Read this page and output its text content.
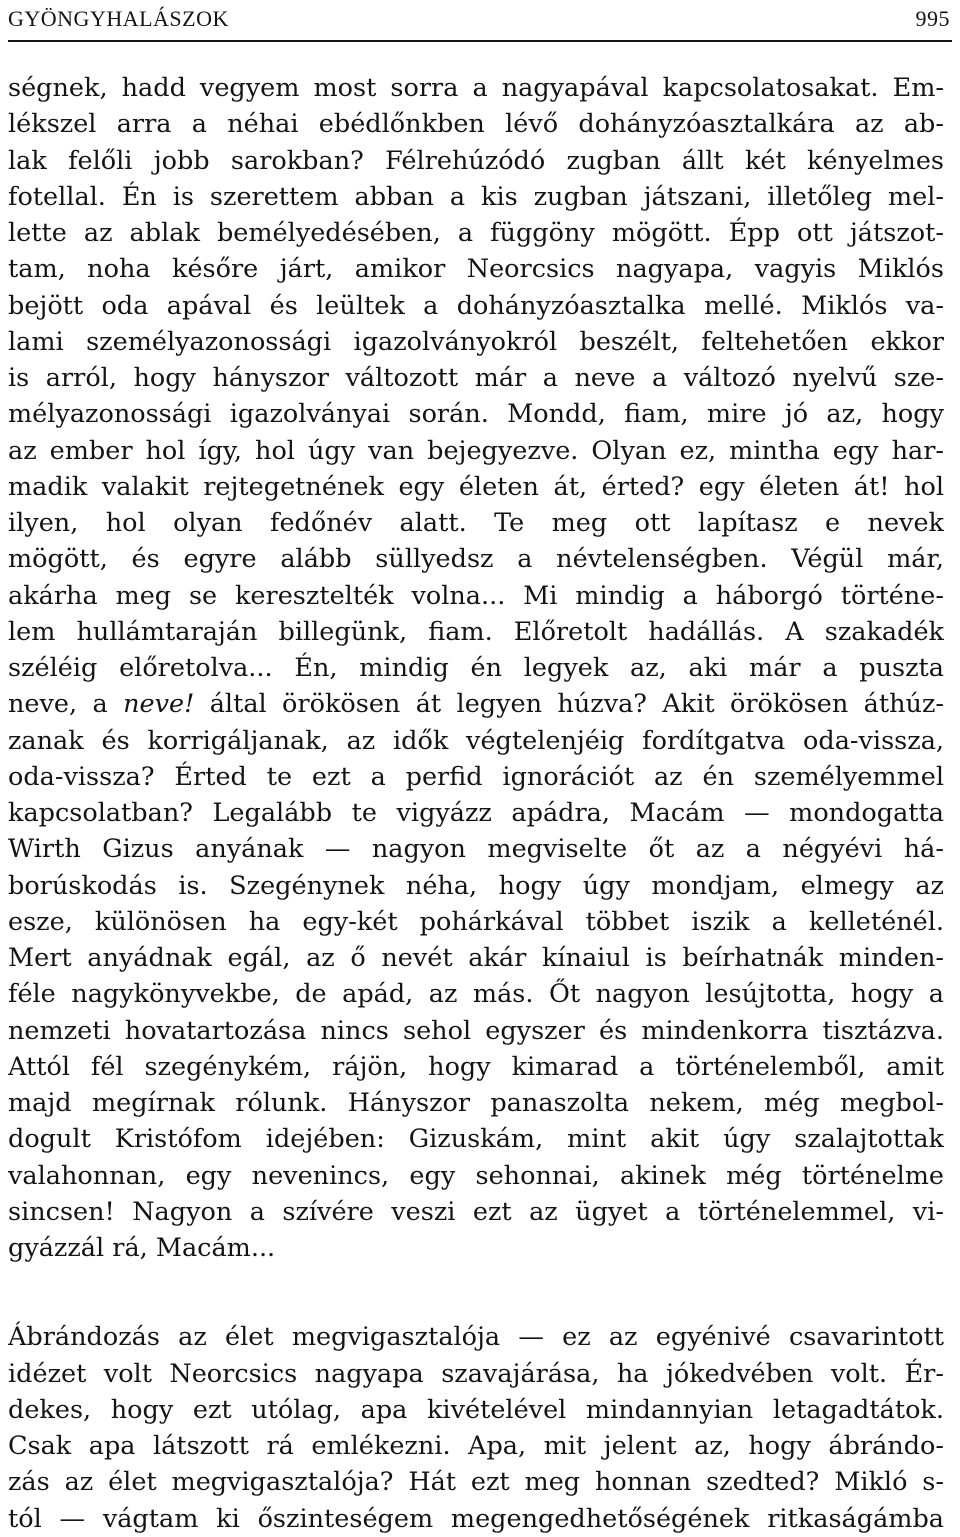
GYÖNGYHALÁSZOK	995
ségnek, hadd vegyem most sorra a nagyapával kapcsolatosakat. Em-
lékszel arra a néhai ebédlőnkben lévő dohányzóasztalkára az ab-
lak felőli jobb sarokban? Félrehúzódó zugban állt két kényelmes
fotellal. Én is szerettem abban a kis zugban játszani, illetőleg mel-
lette az ablak bemélyedésében, a függöny mögött. Épp ott játszot-
tam, noha későre járt, amikor Neorcsics nagyapa, vagyis Miklós
bejött oda apával és leültek a dohányzóasztalka mellé. Miklós va-
lami személyazonossági igazolványokról beszélt, feltehetően ekkor
is arról, hogy hányszor változott már a neve a változó nyelvű sze-
mélyazonossági igazolványai során. Mondd, fiam, mire jó az, hogy
az ember hol így, hol úgy van bejegyezve. Olyan ez, mintha egy har-
madik valakit rejtegetnének egy életen át, érted? egy életen át! hol
ilyen, hol olyan fedőnév alatt. Te meg ott lapítasz e nevek
mögött, és egyre alább süllyedsz a névtelenségben. Végül már,
akárha meg se keresztelték volna... Mi mindig a háborgó történe-
lem hullámtaraján billegünk, fiam. Előretolt hadállás. A szakadék
széléig előretolva... Én, mindig én legyek az, aki már a puszta
neve, a neve! által örökösen át legyen húzva? Akit örökösen áthúz-
zanak és korrigáljanak, az idők végtelenjéig fordítgatva oda-vissza,
oda-vissza? Érted te ezt a perfid ignorációt az én személyemmel
kapcsolatban? Legalább te vigyázz apádra, Macám — mondogatta
Wirth Gizus anyának — nagyon megviselte őt az a négyévi há-
borúskodás is. Szegénynek néha, hogy úgy mondjam, elmegy az
esze, különösen ha egy-két pohárkával többet iszik a kelleténél.
Mert anyádnak egál, az ő nevét akár kínaiul is beírhatnák minden-
féle nagykönyvekbe, de apád, az más. Őt nagyon lesújtotta, hogy a
nemzeti hovatartozása nincs sehol egyszer és mindenkorra tisztázva.
Attól fél szegénykém, rájön, hogy kimarad a történelemből, amit
majd megírnak rólunk. Hányszor panaszolta nekem, még megbol-
dogult Kristófom idejében: Gizuskám, mint akit úgy szalajtottak
valahonnan, egy nevenincs, egy sehonnai, akinek még történelme
sincsen! Nagyon a szívére veszi ezt az ügyet a történelemmel, vi-
gyázzál rá, Macám...
Ábrándozás az élet megvigasztalója — ez az egyénivé csavarintott
idézet volt Neorcsics nagyapa szavajárása, ha jókedvében volt. Ér-
dekes, hogy ezt utólag, apa kivételével mindannyian letagadtátok.
Csak apa látszott rá emlékezni. Apa, mit jelent az, hogy ábrándo-
zás az élet megvigasztalója? Hát ezt meg honnan szedted? Mikló s-
tól — vágtam ki őszinteségem megengedhetőségének ritkaságámba
